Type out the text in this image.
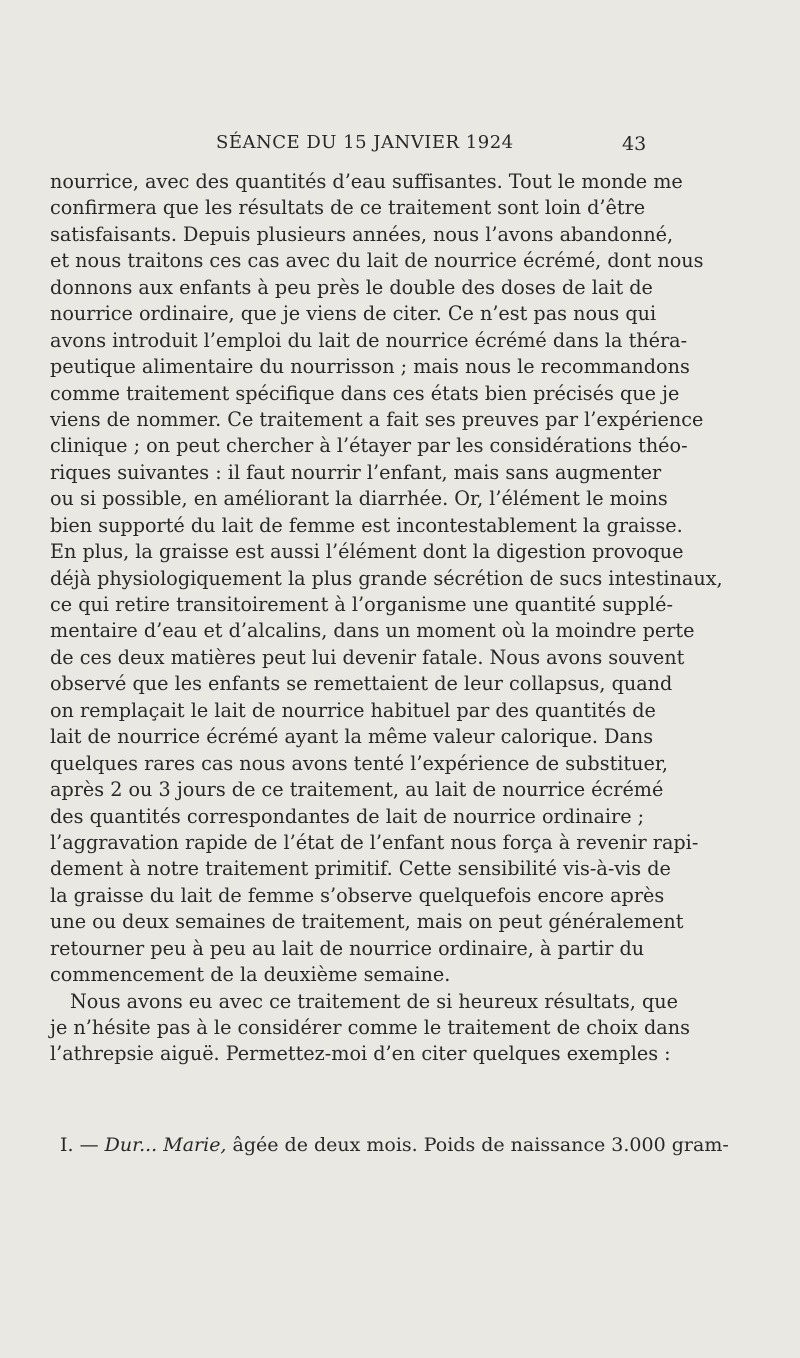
SÉANCE DU 15 JANVIER 1924	43
nourrice, avec des quantités d’eau suffisantes. Tout le monde me
confirmera que les résultats de ce traitement sont loin d’être
satisfaisants. Depuis plusieurs années, nous l’avons abandonné,
et nous traitons ces cas avec du lait de nourrice écrémé, dont nous
donnons aux enfants à peu près le double des doses de lait de
nourrice ordinaire, que je viens de citer. Ce n’est pas nous qui
avons introduit l’emploi du lait de nourrice écrémé dans la théra-
peutique alimentaire du nourrisson ; mais nous le recommandons
comme traitement spécifique dans ces états bien précisés que je
viens de nommer. Ce traitement a fait ses preuves par l’expérience
clinique ; on peut chercher à l’étayer par les considérations théo-
riques suivantes : il faut nourrir l’enfant, mais sans augmenter
ou si possible, en améliorant la diarrhée. Or, l’élément le moins
bien supporté du lait de femme est incontestablement la graisse.
En plus, la graisse est aussi l’élément dont la digestion provoque
déjà physiologiquement la plus grande sécrétion de sucs intestinaux,
ce qui retire transitoirement à l’organisme une quantité supplé-
mentaire d’eau et d’alcalins, dans un moment où la moindre perte
de ces deux matières peut lui devenir fatale. Nous avons souvent
observé que les enfants se remettaient de leur collapsus, quand
on remplaçait le lait de nourrice habituel par des quantités de
lait de nourrice écrémé ayant la même valeur calorique. Dans
quelques rares cas nous avons tenté l’expérience de substituer,
après 2 ou 3 jours de ce traitement, au lait de nourrice écrémé
des quantités correspondantes de lait de nourrice ordinaire ;
l’aggravation rapide de l’état de l’enfant nous força à revenir rapi-
dement à notre traitement primitif. Cette sensibilité vis-à-vis de
la graisse du lait de femme s’observe quelquefois encore après
une ou deux semaines de traitement, mais on peut généralement
retourner peu à peu au lait de nourrice ordinaire, à partir du
commencement de la deuxième semaine.
Nous avons eu avec ce traitement de si heureux résultats, que
je n’hésite pas à le considérer comme le traitement de choix dans
l’athrepsie aiguë. Permettez-moi d’en citer quelques exemples :
I. — Dur... Marie, âgée de deux mois. Poids de naissance 3.000 gram-
